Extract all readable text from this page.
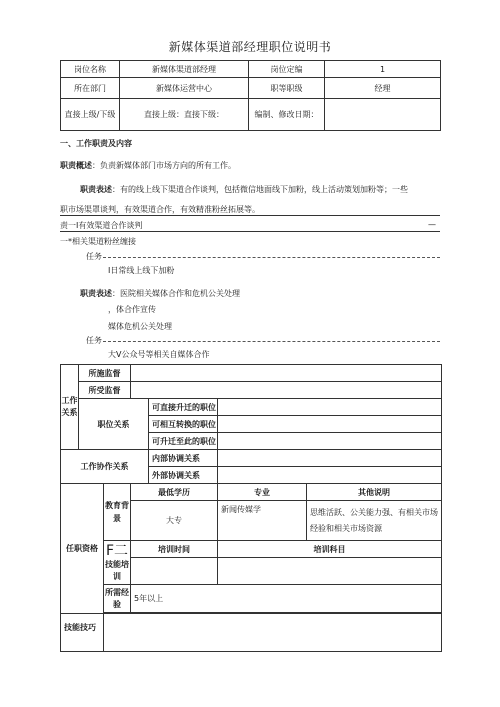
新媒体渠道部经理职位说明书
岗位名称	新媒体渠道部经理	岗位定编	1
所在部门	新媒体运营中心	职等职级	经理
直接上级/下级	直接上级：直接下级：	编制、修改日期：	
一、工作职责及内容
职责概述：负责新媒体部门市场方向的所有工作。
职责表述：有的线上线下渠道合作谈判，包括微信地面线下加粉，线上活动策划加粉等；一些
职市场渠罩谈判，有效渠道合作，有效精准粉丝拓展等。
责一I有效渠道合作谈判	—
一*相关渠道粉丝缠接
任务
I日常线上线下加粉
职责表述：医院相关媒体合作和危机公关处理
，体合作宣传
媒体危机公关处理
任务
大V公众号等相关自媒体合作
工作关系	所施监督					
	所受监督					
	职位关系			可直接升迁的职位		
				可相互转换的职位		
				可升迁至此的职位		
工作协作关系				内部协调关系		
				外部协调关系		
任职资格		教育背景	最低学历		专业	其他说明
			大专		新闻传媒学	思维活跃、公关能力强、有相关市场经验和相关市场资源

		F二
技能培训	培训时间		培训科目	

		所需经验	5年以上			

技能技巧						
